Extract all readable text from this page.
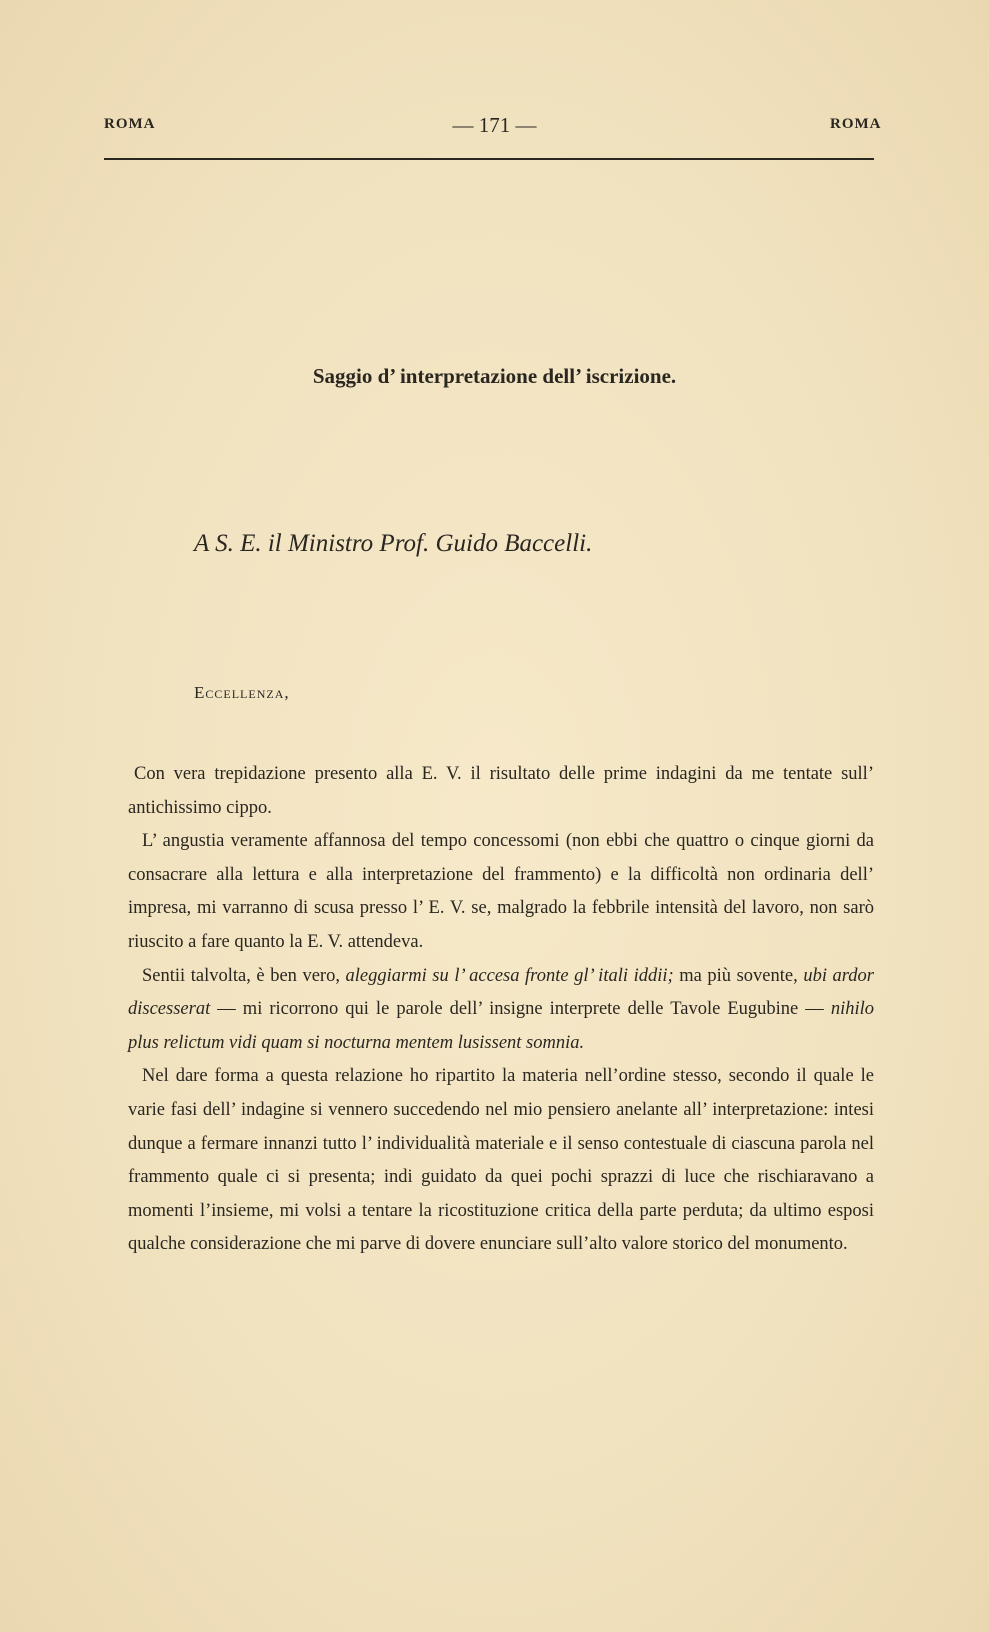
ROMA	— 171 —	ROMA
Saggio d’ interpretazione dell’ iscrizione.
A S. E. il Ministro Prof. Guido Baccelli.
Eccellenza,

Con vera trepidazione presento alla E. V. il risultato delle prime indagini da me tentate sull’ antichissimo cippo.

L’ angustia veramente affannosa del tempo concessomi (non ebbi che quattro o cinque giorni da consacrare alla lettura e alla interpretazione del frammento) e la difficoltà non ordinaria dell’ impresa, mi varranno di scusa presso l’ E. V. se, malgrado la febbrile intensità del lavoro, non sarò riuscito a fare quanto la E. V. attendeva.

Sentii talvolta, è ben vero, aleggiarmi su l’ accesa fronte gl’ itali iddii; ma più sovente, ubi ardor discesserat — mi ricorrono qui le parole dell’ insigne interprete delle Tavole Eugubine — nihilo plus relictum vidi quam si nocturna mentem lusissent somnia.

Nel dare forma a questa relazione ho ripartito la materia nell’ordine stesso, secondo il quale le varie fasi dell’ indagine si vennero succedendo nel mio pensiero anelante all’ interpretazione: intesi dunque a fermare innanzi tutto l’ individualità materiale e il senso contestuale di ciascuna parola nel frammento quale ci si presenta; indi guidato da quei pochi sprazzi di luce che rischiaravano a momenti l’insieme, mi volsi a tentare la ricostituzione critica della parte perduta; da ultimo esposi qualche considerazione che mi parve di dovere enunciare sull’alto valore storico del monumento.
